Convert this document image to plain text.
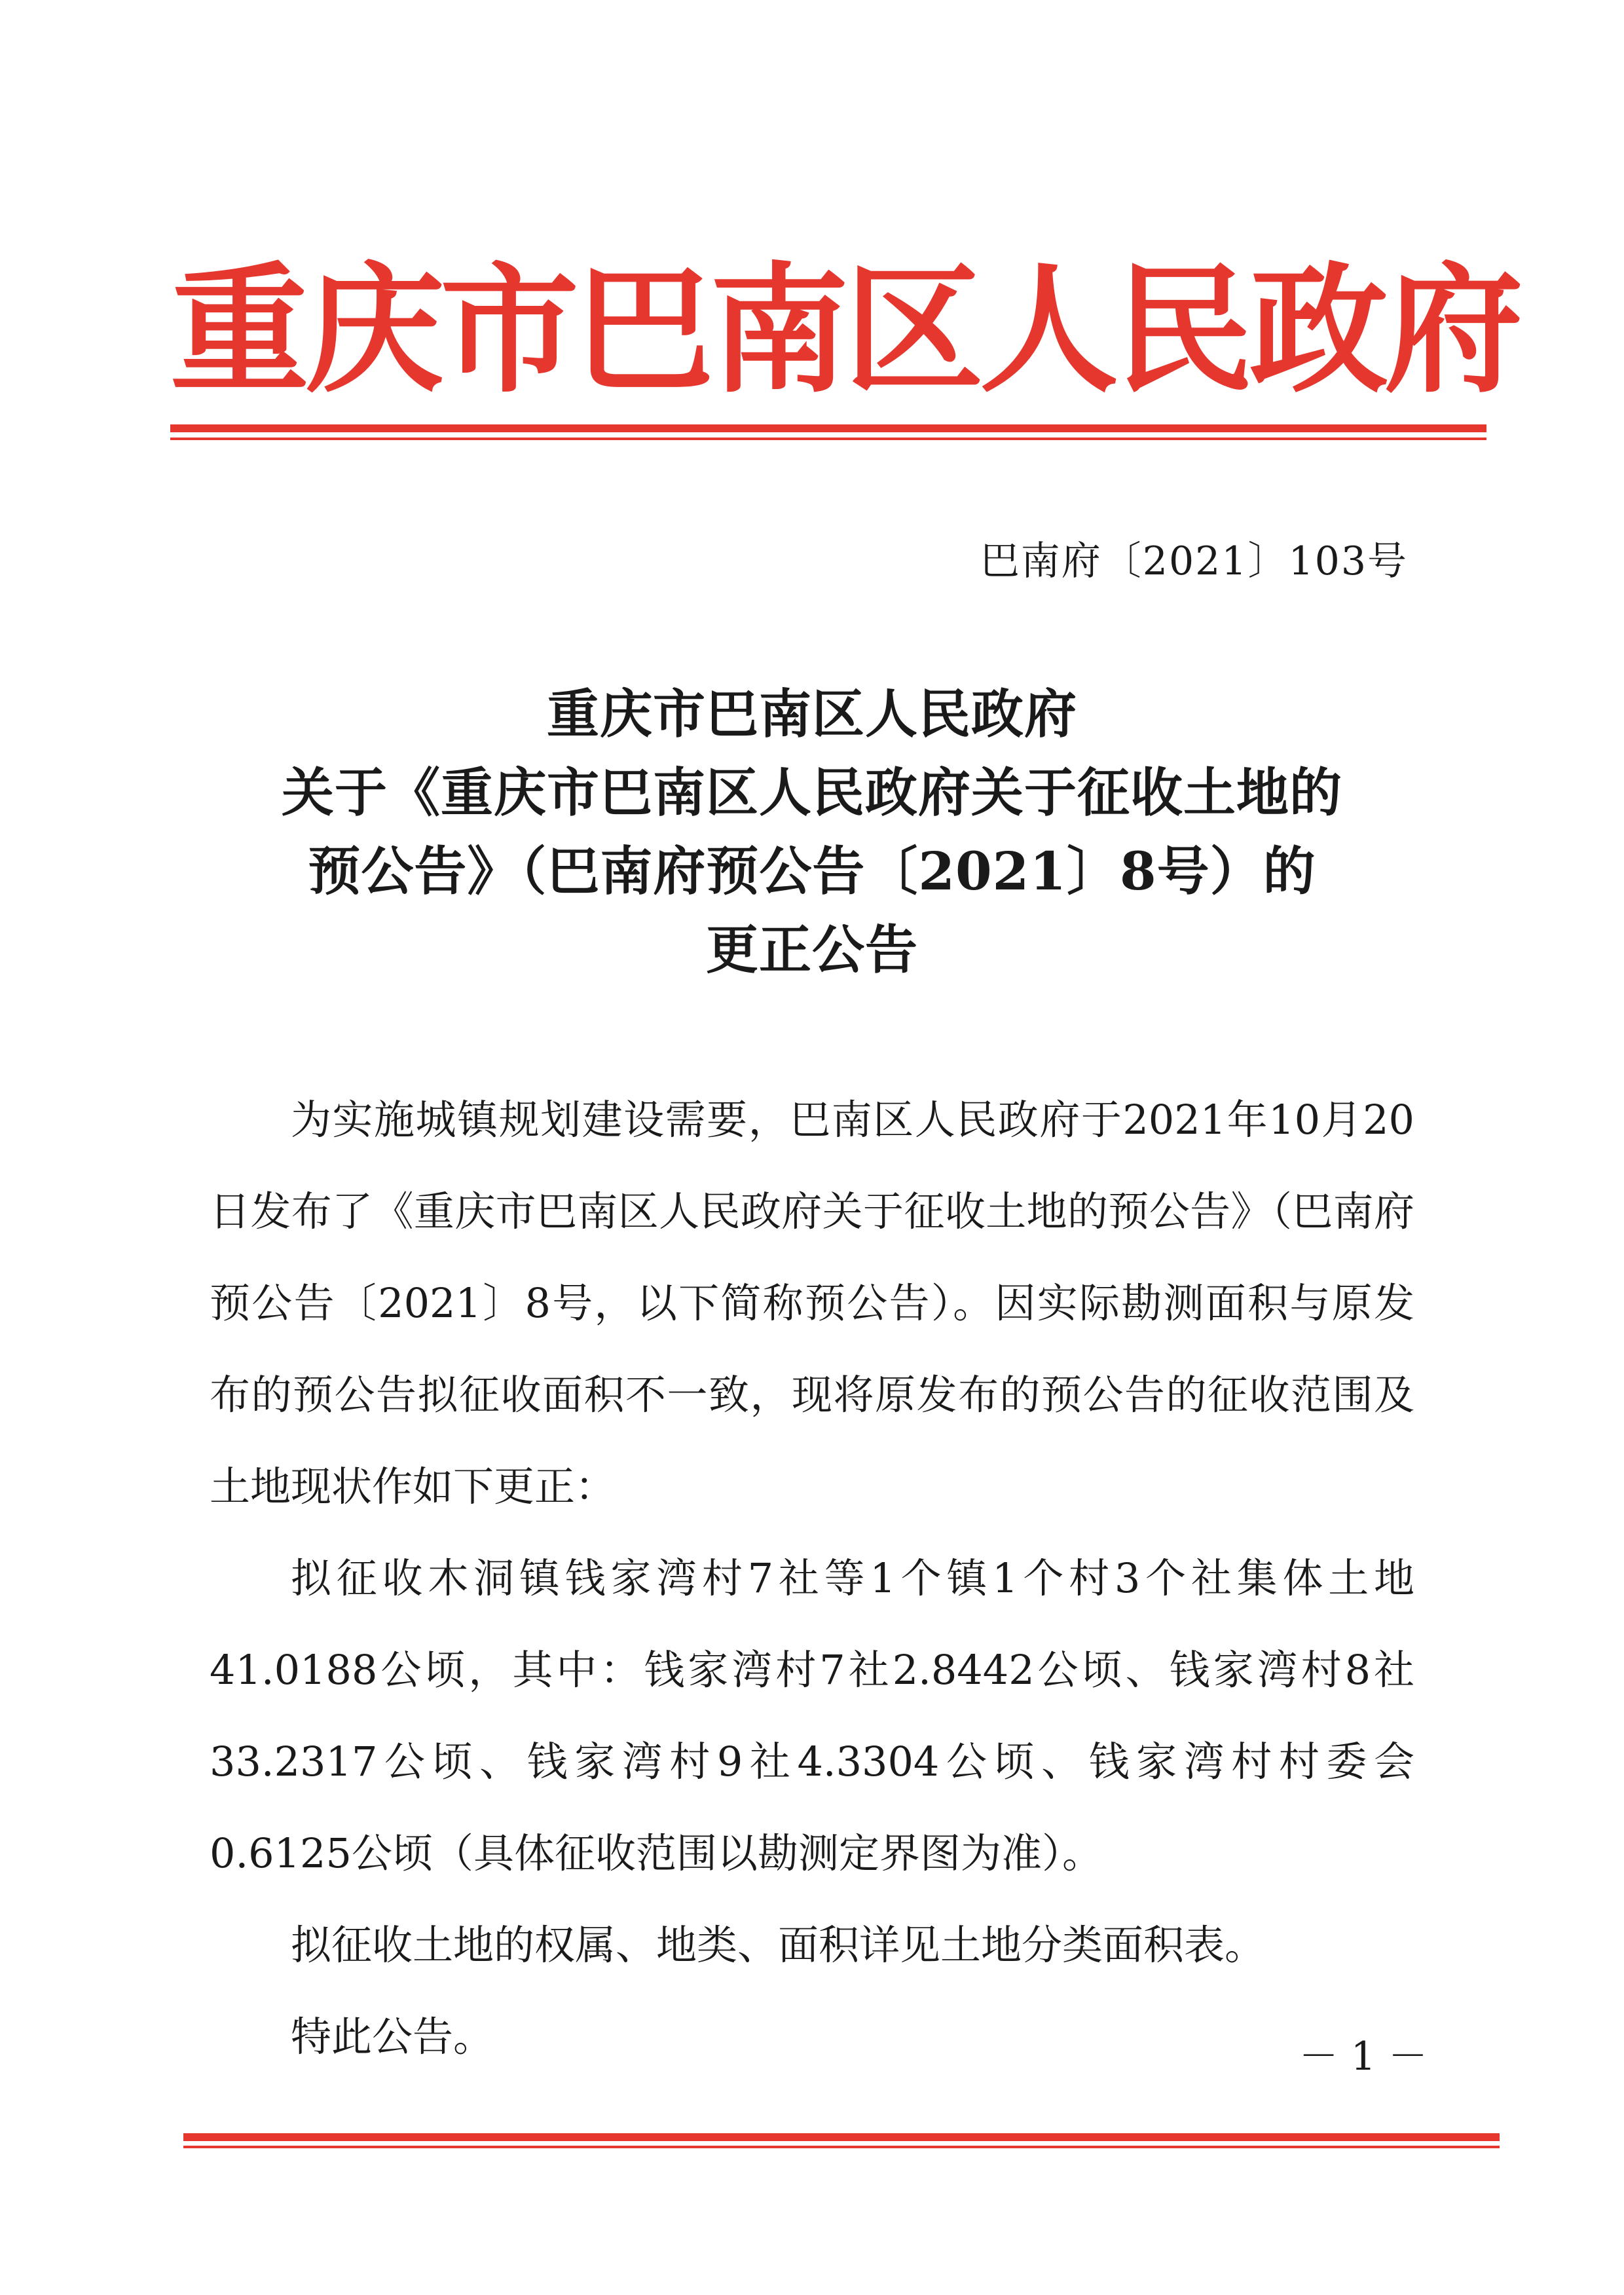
重庆市巴南区人民政府
巴南府〔2021〕103号
重庆市巴南区人民政府
关于《重庆市巴南区人民政府关于征收土地的
预公告》（巴南府预公告〔2021〕8号）的
更正公告

为实施城镇规划建设需要，巴南区人民政府于2021年10月20日发布了《重庆市巴南区人民政府关于征收土地的预公告》（巴南府预公告〔2021〕8号，以下简称预公告）。因实际勘测面积与原发布的预公告拟征收面积不一致，现将原发布的预公告的征收范围及土地现状作如下更正：

拟征收木洞镇钱家湾村7社等1个镇1个村3个社集体土地41.0188公顷，其中：钱家湾村7社2.8442公顷、钱家湾村8社33.2317公顷、钱家湾村9社4.3304公顷、钱家湾村村委会0.6125公顷（具体征收范围以勘测定界图为准）。

拟征收土地的权属、地类、面积详见土地分类面积表。

特此公告。	－ 1 －
